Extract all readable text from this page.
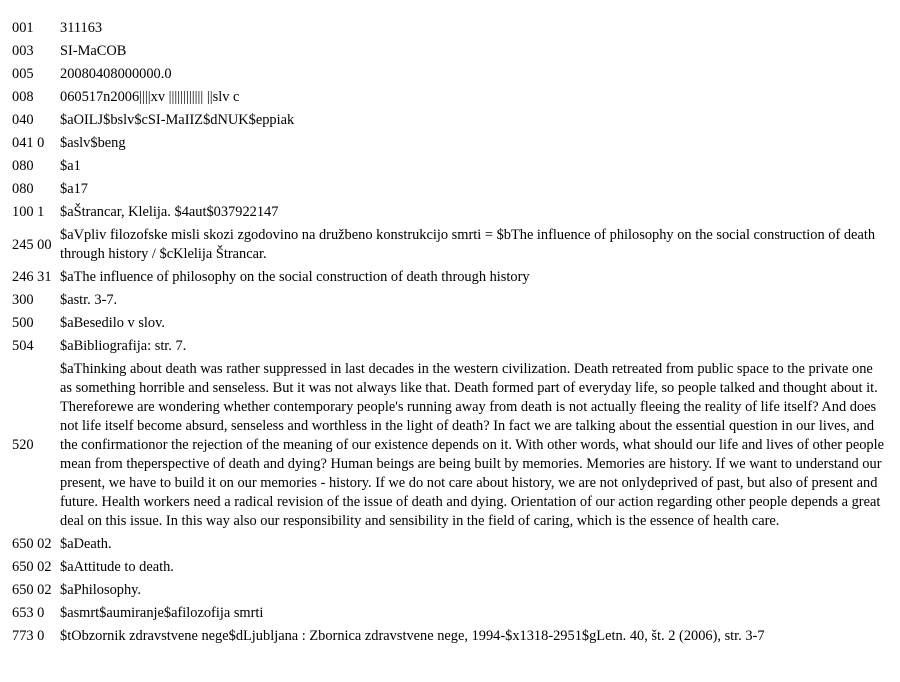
001	311163
003	SI-MaCOB
005	20080408000000.0
008	060517n2006||||xv |||||||||||| ||slv c
040	$aOILJ$bslv$cSI-MaIIZ$dNUK$eppiak
041 0	$aslv$beng
080	$a1
080	$a17
100 1	$aŠtrancar, Klelija. $4aut$037922147
245 00	$aVpliv filozofske misli skozi zgodovino na družbeno konstrukcijo smrti = $bThe influence of philosophy on the social construction of death through history / $cKlelija Štrancar.
246 31	$aThe influence of philosophy on the social construction of death through history
300	$astr. 3-7.
500	$aBesedilo v slov.
504	$aBibliografija: str. 7.
520	$aThinking about death was rather suppressed in last decades in the western civilization. Death retreated from public space to the private one as something horrible and senseless. But it was not always like that. Death formed part of everyday life, so people talked and thought about it. Thereforewe are wondering whether contemporary people's running away from death is not actually fleeing the reality of life itself? And does not life itself become absurd, senseless and worthless in the light of death? In fact we are talking about the essential question in our lives, and the confirmationor the rejection of the meaning of our existence depends on it. With other words, what should our life and lives of other people mean from theperspective of death and dying? Human beings are being built by memories. Memories are history. If we want to understand our present, we have to build it on our memories - history. If we do not care about history, we are not onlydeprived of past, but also of present and future. Health workers need a radical revision of the issue of death and dying. Orientation of our action regarding other people depends a great deal on this issue. In this way also our responsibility and sensibility in the field of caring, which is the essence of health care.
650 02	$aDeath.
650 02	$aAttitude to death.
650 02	$aPhilosophy.
653 0	$asmrt$aumiranje$afilozofija smrti
773 0	$tObzornik zdravstvene nege$dLjubljana : Zbornica zdravstvene nege, 1994-$x1318-2951$gLetn. 40, št. 2 (2006), str. 3-7
